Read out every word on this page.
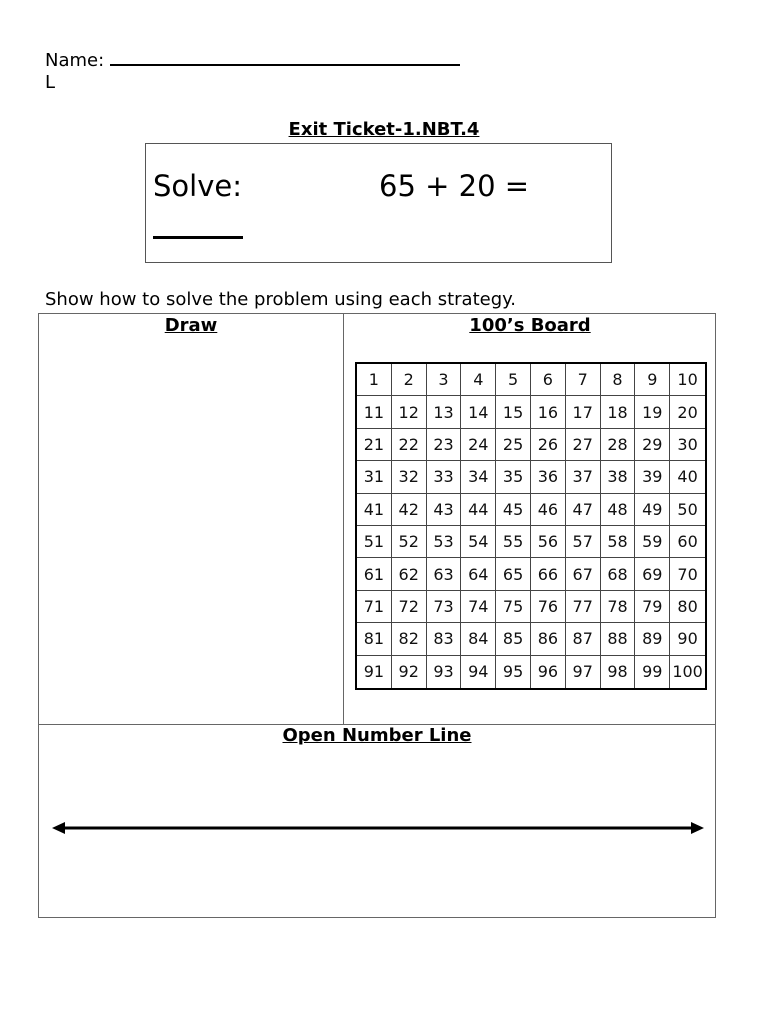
Name:
L
Exit Ticket-1.NBT.4
Solve:	65 + 20 =
Show how to solve the problem using each strategy.
Draw	100’s Board
Open Number Line
1	2	3	4	5	6	7	8	9	10
11 12 13 14 15 16 17 18 19 20
21 22 23 24 25 26 27 28 29 30
31 32 33 34 35 36 37 38 39 40
41 42 43 44 45 46 47 48 49 50
51 52 53 54 55 56 57 58 59 60
61 62 63 64 65 66 67 68 69 70
71 72 73 74 75 76 77 78 79 80
81 82 83 84 85 86 87 88 89 90
91 92 93 94 95 96 97 98 99 100
